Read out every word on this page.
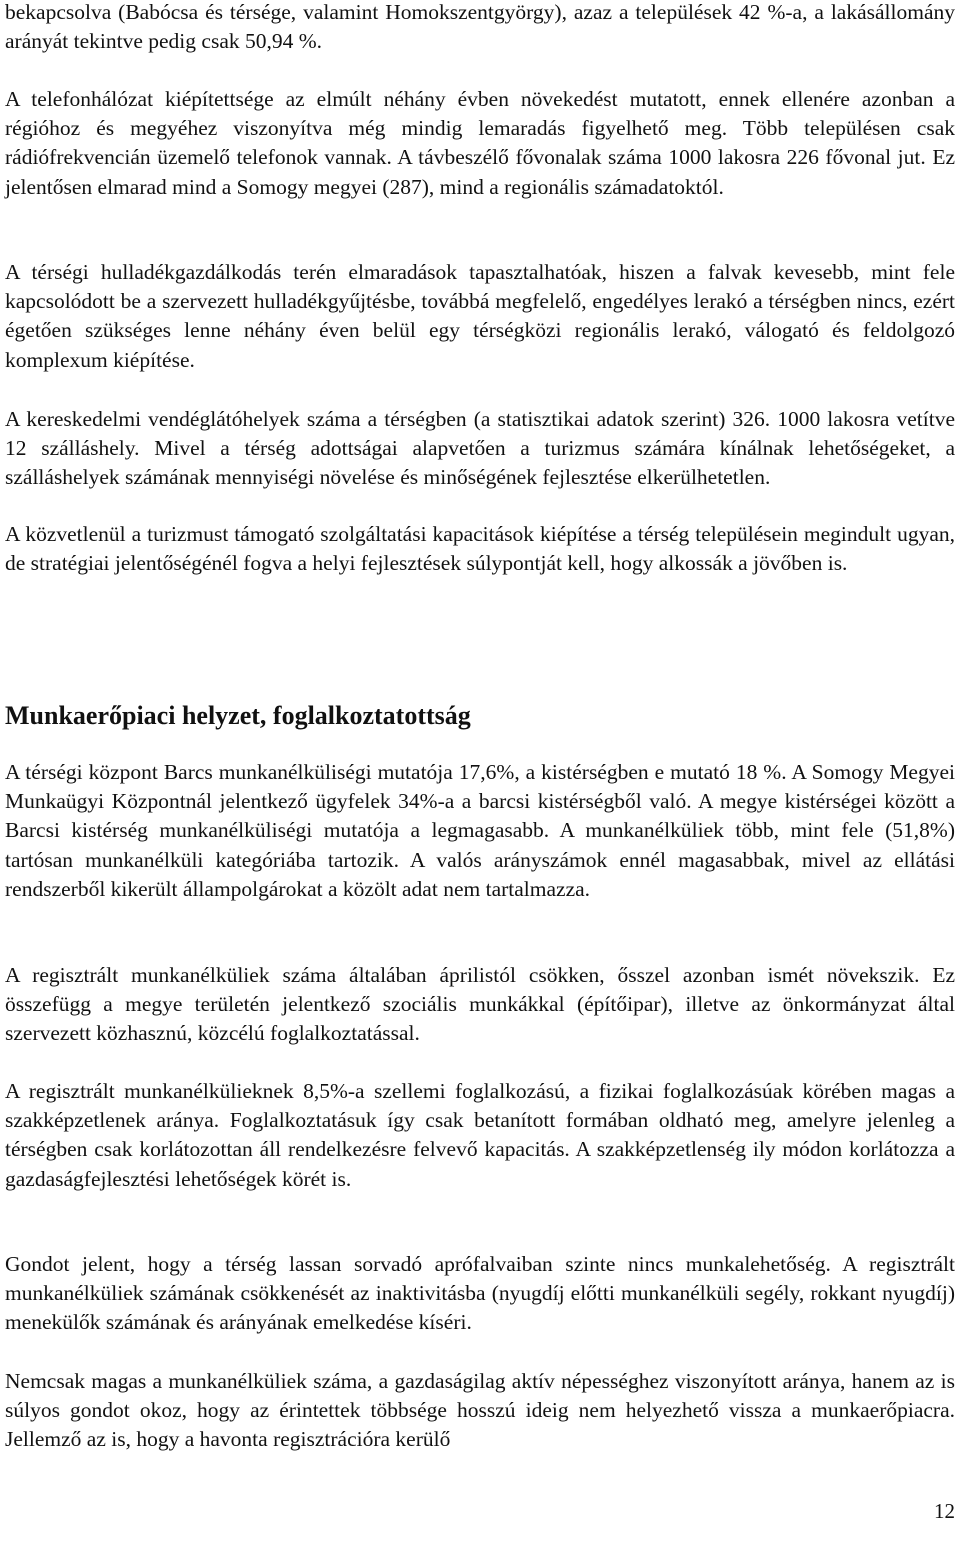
bekapcsolva (Babócsa és térsége, valamint Homokszentgyörgy), azaz a települések 42 %-a, a lakásállomány arányát tekintve pedig csak 50,94 %.

A telefonhálózat kiépítettsége az elmúlt néhány évben növekedést mutatott, ennek ellenére azonban a régióhoz és megyéhez viszonyítva még mindig lemaradás figyelhető meg. Több településen csak rádiófrekvencián üzemelő telefonok vannak. A távbeszélő fővonalak száma 1000 lakosra 226 fővonal jut. Ez jelentősen elmarad mind a Somogy megyei (287), mind a regionális számadatoktól.

A térségi hulladékgazdálkodás terén elmaradások tapasztalhatóak, hiszen a falvak kevesebb, mint fele kapcsolódott be a szervezett hulladékgyűjtésbe, továbbá megfelelő, engedélyes lerakó a térségben nincs, ezért égetően szükséges lenne néhány éven belül egy térségközi regionális lerakó, válogató és feldolgozó komplexum kiépítése.

A kereskedelmi vendéglátóhelyek száma a térségben (a statisztikai adatok szerint) 326. 1000 lakosra vetítve 12 szálláshely. Mivel a térség adottságai alapvetően a turizmus számára kínálnak lehetőségeket, a szálláshelyek számának mennyiségi növelése és minőségének fejlesztése elkerülhetetlen.

A közvetlenül a turizmust támogató szolgáltatási kapacitások kiépítése a térség településein megindult ugyan, de stratégiai jelentőségénél fogva a helyi fejlesztések súlypontját kell, hogy alkossák a jövőben is.

Munkaerőpiaci helyzet, foglalkoztatottság

A térségi központ Barcs munkanélküliségi mutatója 17,6%, a kistérségben e mutató 18 %. A Somogy Megyei Munkaügyi Központnál jelentkező ügyfelek 34%-a a barcsi kistérségből való. A megye kistérségei között a Barcsi kistérség munkanélküliségi mutatója a legmagasabb. A munkanélküliek több, mint fele (51,8%) tartósan munkanélküli kategóriába tartozik. A valós arányszámok ennél magasabbak, mivel az ellátási rendszerből kikerült állampolgárokat a közölt adat nem tartalmazza.

A regisztrált munkanélküliek száma általában áprilistól csökken, ősszel azonban ismét növekszik. Ez összefügg a megye területén jelentkező szociális munkákkal (építőipar), illetve az önkormányzat által szervezett közhasznú, közcélú foglalkoztatással.

A regisztrált munkanélkülieknek 8,5%-a szellemi foglalkozású, a fizikai foglalkozásúak körében magas a szakképzetlenek aránya. Foglalkoztatásuk így csak betanított formában oldható meg, amelyre jelenleg a térségben csak korlátozottan áll rendelkezésre felvevő kapacitás. A szakképzetlenség ily módon korlátozza a gazdaságfejlesztési lehetőségek körét is.

Gondot jelent, hogy a térség lassan sorvadó aprófalvaiban szinte nincs munkalehetőség. A regisztrált munkanélküliek számának csökkenését az inaktivitásba (nyugdíj előtti munkanélküli segély, rokkant nyugdíj) menekülők számának és arányának emelkedése kíséri.

Nemcsak magas a munkanélküliek száma, a gazdaságilag aktív népességhez viszonyított aránya, hanem az is súlyos gondot okoz, hogy az érintettek többsége hosszú ideig nem helyezhető vissza a munkaerőpiacra. Jellemző az is, hogy a havonta regisztrációra kerülő

12
